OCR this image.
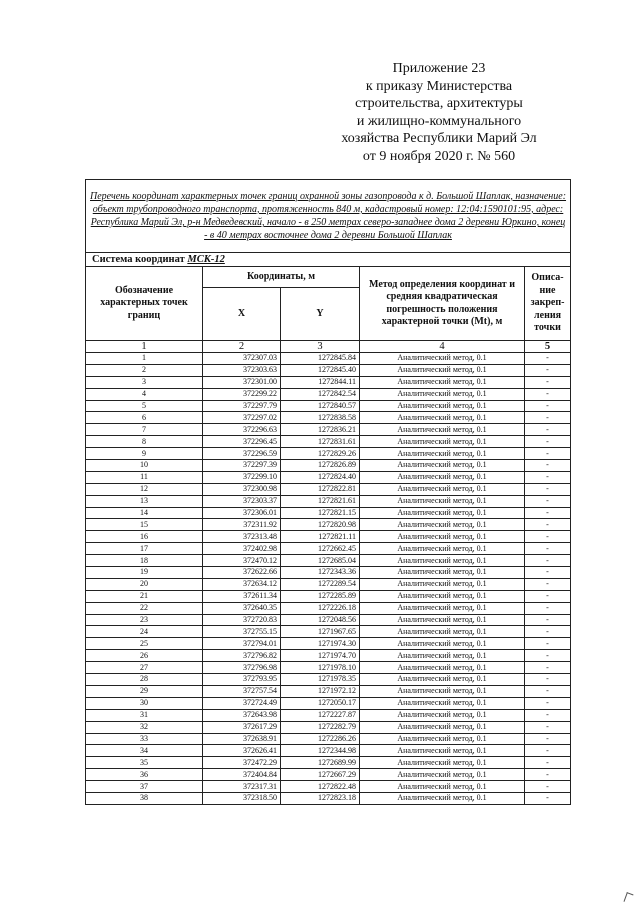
Приложение 23
к приказу Министерства
строительства, архитектуры
и жилищно-коммунального
хозяйства Республики Марий Эл
от 9 ноября 2020 г. № 560
Перечень координат характерных точек границ охранной зоны газопровода к д. Большой Шаплак, назначение: объект трубопроводного транспорта, протяженность 840 м, кадастровый номер: 12:04:1590101:95, адрес: Республика Марий Эл, р-н Медведевский, начало - в 250 метрах северо-западнее дома 2 деревни Юркино, конец - в 40 метрах восточнее дома 2 деревни Большой Шаплак				
Система координат МСК-12				
Обозначение характерных точек границ	Координаты, м		Метод определения координат и средняя квадратическая погрешность положения характерной точки (Mt), м	Описа-ние закреп-ления точки
	X	Y		
1	2	3	4	5
1	372307.03	1272845.84	Аналитический метод, 0.1	-
2	372303.63	1272845.40	Аналитический метод, 0.1	-
3	372301.00	1272844.11	Аналитический метод, 0.1	-
4	372299.22	1272842.54	Аналитический метод, 0.1	-
5	372297.79	1272840.57	Аналитический метод, 0.1	-
6	372297.02	1272838.58	Аналитический метод, 0.1	-
7	372296.63	1272836.21	Аналитический метод, 0.1	-
8	372296.45	1272831.61	Аналитический метод, 0.1	-
9	372296.59	1272829.26	Аналитический метод, 0.1	-
10	372297.39	1272826.89	Аналитический метод, 0.1	-
11	372299.10	1272824.40	Аналитический метод, 0.1	-
12	372300.98	1272822.81	Аналитический метод, 0.1	-
13	372303.37	1272821.61	Аналитический метод, 0.1	-
14	372306.01	1272821.15	Аналитический метод, 0.1	-
15	372311.92	1272820.98	Аналитический метод, 0.1	-
16	372313.48	1272821.11	Аналитический метод, 0.1	-
17	372402.98	1272662.45	Аналитический метод, 0.1	-
18	372470.12	1272685.04	Аналитический метод, 0.1	-
19	372622.66	1272343.36	Аналитический метод, 0.1	-
20	372634.12	1272289.54	Аналитический метод, 0.1	-
21	372611.34	1272285.89	Аналитический метод, 0.1	-
22	372640.35	1272226.18	Аналитический метод, 0.1	-
23	372720.83	1272048.56	Аналитический метод, 0.1	-
24	372755.15	1271967.65	Аналитический метод, 0.1	-
25	372794.01	1271974.30	Аналитический метод, 0.1	-
26	372796.82	1271974.70	Аналитический метод, 0.1	-
27	372796.98	1271978.10	Аналитический метод, 0.1	-
28	372793.95	1271978.35	Аналитический метод, 0.1	-
29	372757.54	1271972.12	Аналитический метод, 0.1	-
30	372724.49	1272050.17	Аналитический метод, 0.1	-
31	372643.98	1272227.87	Аналитический метод, 0.1	-
32	372617.29	1272282.79	Аналитический метод, 0.1	-
33	372638.91	1272286.26	Аналитический метод, 0.1	-
34	372626.41	1272344.98	Аналитический метод, 0.1	-
35	372472.29	1272689.99	Аналитический метод, 0.1	-
36	372404.84	1272667.29	Аналитический метод, 0.1	-
37	372317.31	1272822.48	Аналитический метод, 0.1	-
38	372318.50	1272823.18	Аналитический метод, 0.1	-
